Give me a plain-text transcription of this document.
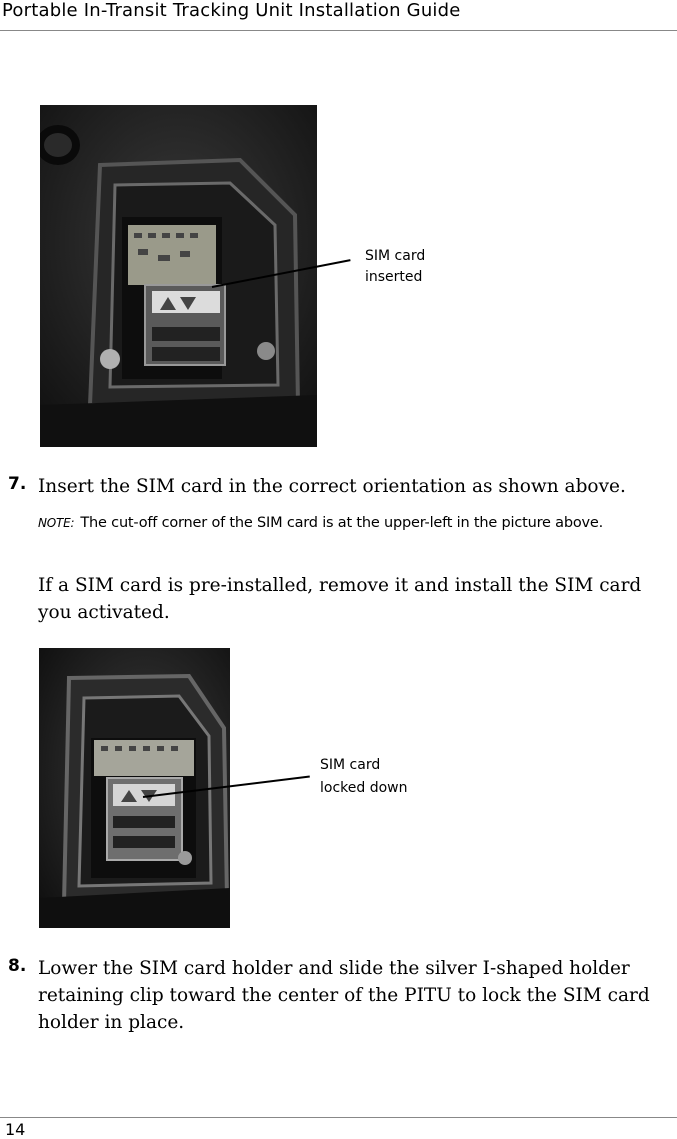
Portable In-Transit Tracking Unit Installation Guide
SIM card
inserted
7. Insert the SIM card in the correct orientation as shown above.
NOTE: The cut-off corner of the SIM card is at the upper-left in the picture above.
If a SIM card is pre-installed, remove it and install the SIM card you activated.
SIM card
locked down
8. Lower the SIM card holder and slide the silver I-shaped holder retaining clip toward the center of the PITU to lock the SIM card holder in place.
14
